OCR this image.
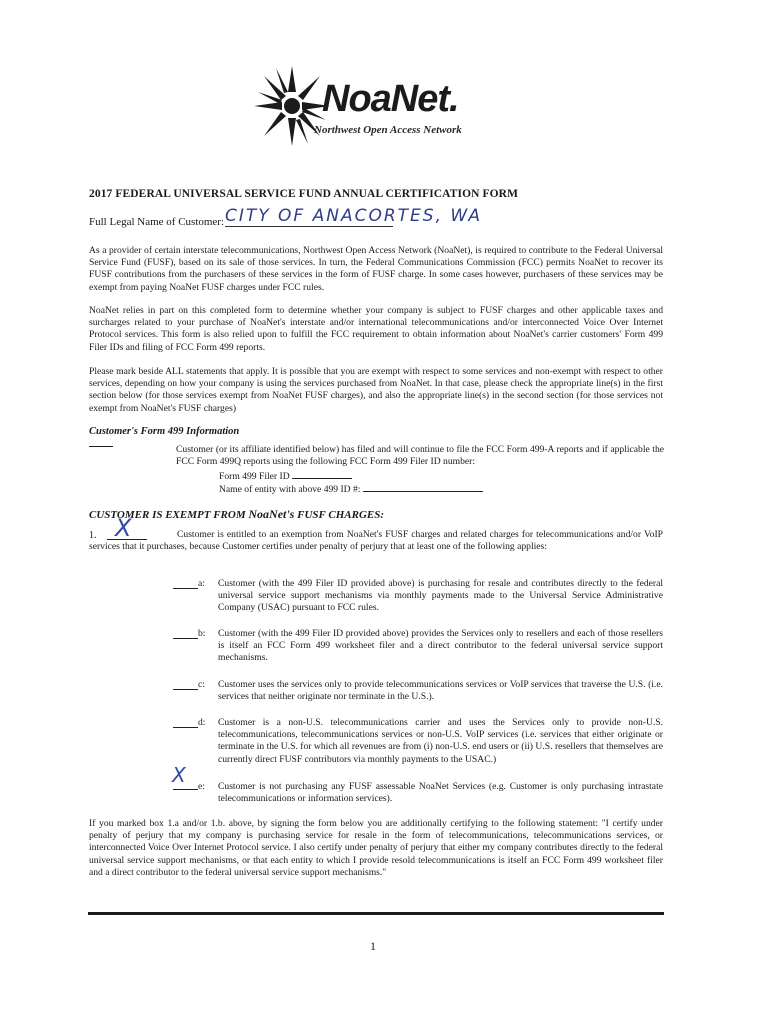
NoaNet.
Northwest Open Access Network
2017 FEDERAL UNIVERSAL SERVICE FUND ANNUAL CERTIFICATION FORM
Full Legal Name of Customer: CITY OF ANACORTES, WA

As a provider of certain interstate telecommunications, Northwest Open Access Network (NoaNet), is required to contribute to the Federal Universal Service Fund (FUSF), based on its sale of those services. In turn, the Federal Communications Commission (FCC) permits NoaNet to recover its FUSF contributions from the purchasers of these services in the form of FUSF charge. In some cases however, purchasers of these services may be exempt from paying NoaNet FUSF charges under FCC rules.

NoaNet relies in part on this completed form to determine whether your company is subject to FUSF charges and other applicable taxes and surcharges related to your purchase of NoaNet's interstate and/or international telecommunications and/or interconnected Voice Over Internet Protocol services. This form is also relied upon to fulfill the FCC requirement to obtain information about NoaNet's carrier customers' Form 499 Filer IDs and filing of FCC Form 499 reports.

Please mark beside ALL statements that apply. It is possible that you are exempt with respect to some services and non-exempt with respect to other services, depending on how your company is using the services purchased from NoaNet. In that case, please check the appropriate line(s) in the first section below (for those services exempt from NoaNet FUSF charges), and also the appropriate line(s) in the second section (for those services not exempt from NoaNet's FUSF charges)

Customer's Form 499 Information
Customer (or its affiliate identified below) has filed and will continue to file the FCC Form 499-A reports and if applicable the FCC Form 499Q reports using the following FCC Form 499 Filer ID number:
Form 499 Filer ID
Name of entity with above 499 ID #:
CUSTOMER IS EXEMPT FROM NoaNet's FUSF CHARGES:
1. X	Customer is entitled to an exemption from NoaNet's FUSF charges and related charges for telecommunications and/or VoIP services that it purchases, because Customer certifies under penalty of perjury that at least one of the following applies:
a: Customer (with the 499 Filer ID provided above) is purchasing for resale and contributes directly to the federal universal service support mechanisms via monthly payments made to the Universal Service Administrative Company (USAC) pursuant to FCC rules.
b: Customer (with the 499 Filer ID provided above) provides the Services only to resellers and each of those resellers is itself an FCC Form 499 worksheet filer and a direct contributor to the federal universal service support mechanisms.
c: Customer uses the services only to provide telecommunications services or VoIP services that traverse the U.S. (i.e. services that neither originate nor terminate in the U.S.).
d: Customer is a non-U.S. telecommunications carrier and uses the Services only to provide non-U.S. telecommunications, telecommunications services or non-U.S. VoIP services (i.e. services that either originate or terminate in the U.S. for which all revenues are from (i) non-U.S. end users or (ii) U.S. resellers that themselves are currently direct FUSF contributors via monthly payments to the USAC.)
X e: Customer is not purchasing any FUSF assessable NoaNet Services (e.g. Customer is only purchasing intrastate telecommunications or information services).

If you marked box 1.a and/or 1.b. above, by signing the form below you are additionally certifying to the following statement: "I certify under penalty of perjury that my company is purchasing service for resale in the form of telecommunications, telecommunications services, or interconnected Voice Over Internet Protocol service. I also certify under penalty of perjury that either my company contributes directly to the federal universal service support mechanisms, or that each entity to which I provide resold telecommunications is itself an FCC Form 499 worksheet filer and a direct contributor to the federal universal service support mechanisms."

1
